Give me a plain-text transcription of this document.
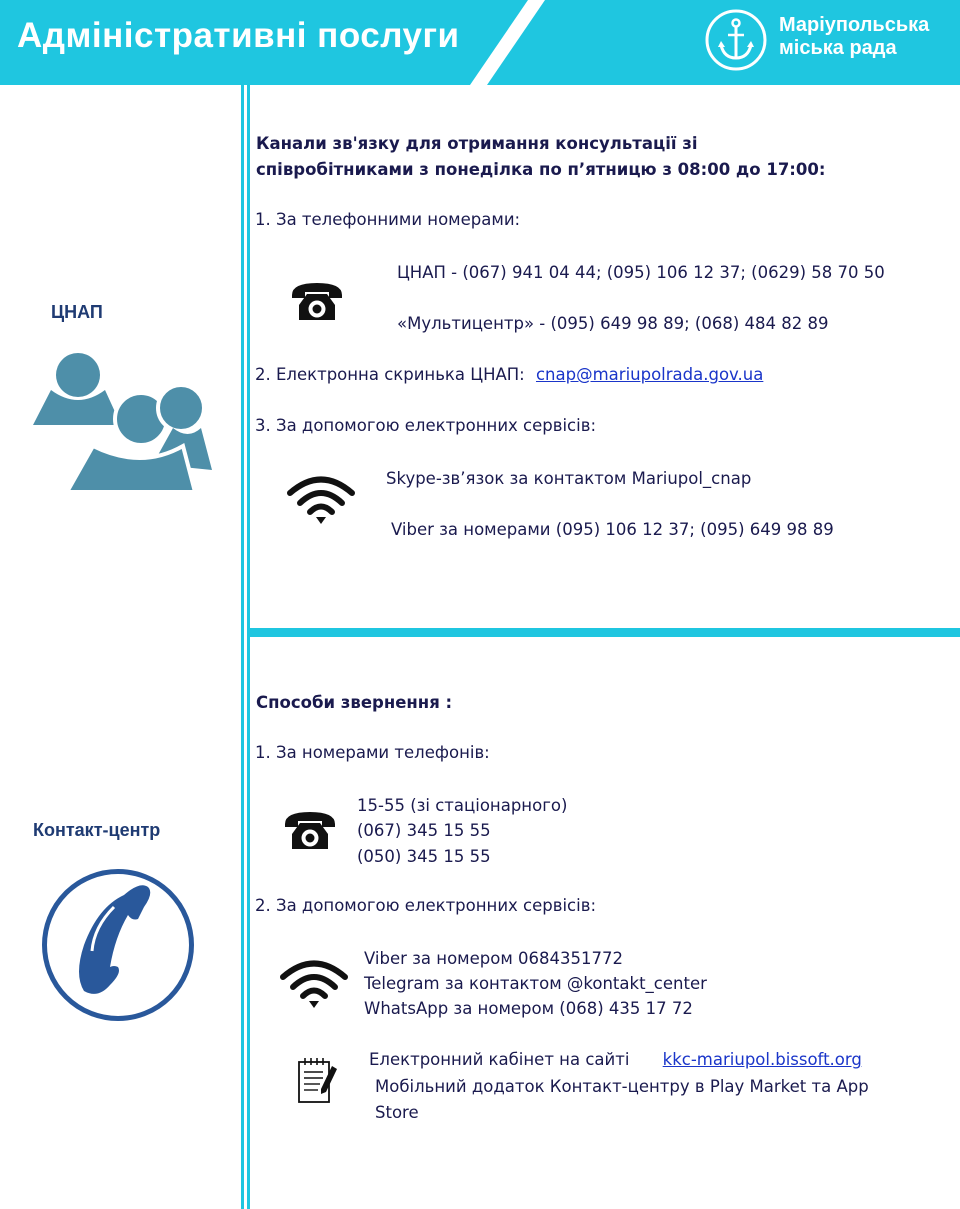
Адміністративні послуги	Маріупольська
міська рада
ЦНАП
Канали зв'язку для отримання консультації зі
співробітниками з понеділка по п’ятницю з 08:00 до 17:00:
1. За телефонними номерами:
ЦНАП - (067) 941 04 44; (095) 106 12 37; (0629) 58 70 50
«Мультицентр» - (095) 649 98 89; (068) 484 82 89
2. Електронна скринька ЦНАП: cnap@mariupolrada.gov.ua
3. За допомогою електронних сервісів:
Skype-зв’язок за контактом Mariupol_cnap
Viber за номерами (095) 106 12 37; (095) 649 98 89
Контакт-центр
Способи звернення :
1. За номерами телефонів:
15-55 (зі стаціонарного)
(067) 345 15 55
(050) 345 15 55
2. За допомогою електронних сервісів:
Viber за номером 0684351772
Telegram за контактом @kontakt_center
WhatsApp за номером (068) 435 17 72
Електронний кабінет на сайті kkc-mariupol.bissoft.org
Мобільний додаток Контакт-центру в Play Market та App
Store
